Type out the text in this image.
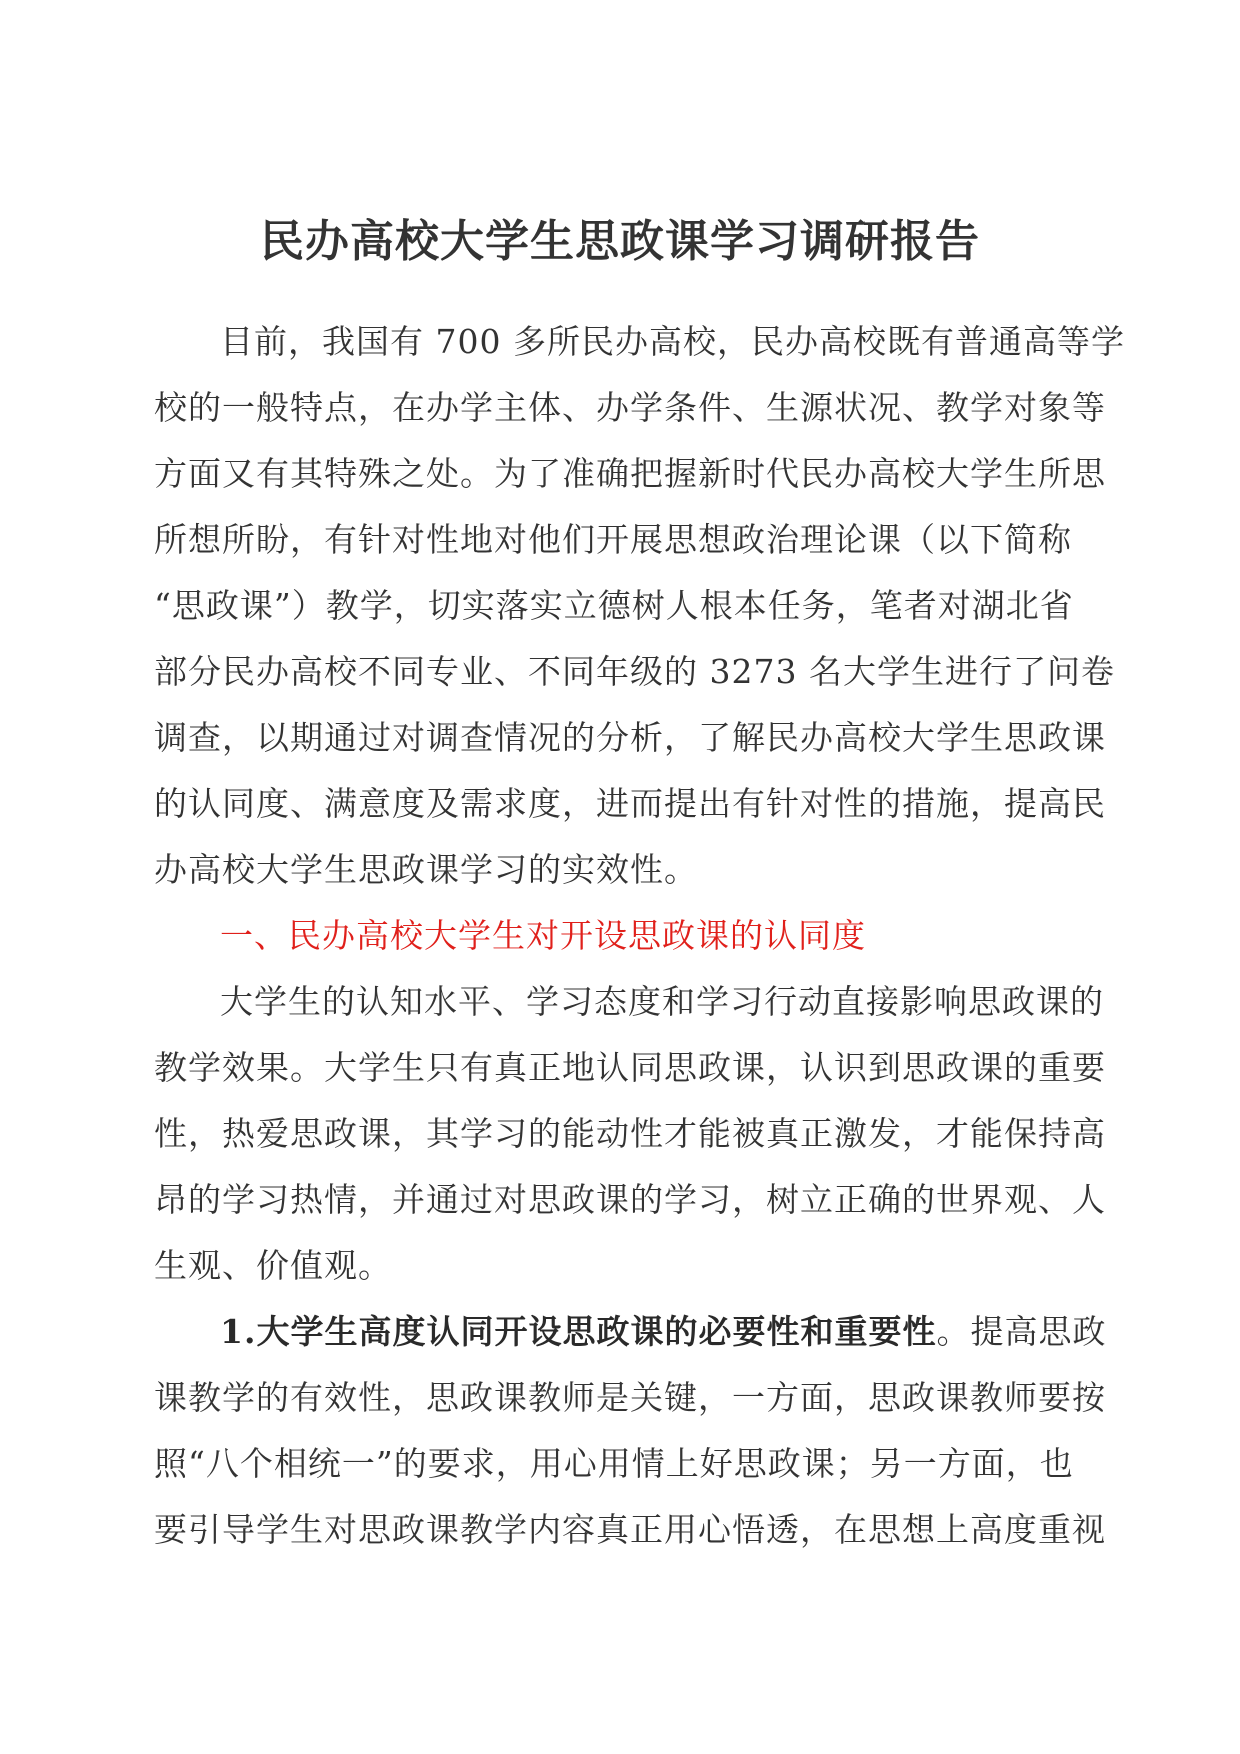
民办高校大学生思政课学习调研报告

目前，我国有 700 多所民办高校，民办高校既有普通高等学

校的一般特点，在办学主体、办学条件、生源状况、教学对象等

方面又有其特殊之处。为了准确把握新时代民办高校大学生所思

所想所盼，有针对性地对他们开展思想政治理论课（以下简称

“思政课”）教学，切实落实立德树人根本任务，笔者对湖北省

部分民办高校不同专业、不同年级的 3273 名大学生进行了问卷

调查，以期通过对调查情况的分析，了解民办高校大学生思政课

的认同度、满意度及需求度，进而提出有针对性的措施，提高民

办高校大学生思政课学习的实效性。

一、民办高校大学生对开设思政课的认同度

大学生的认知水平、学习态度和学习行动直接影响思政课的

教学效果。大学生只有真正地认同思政课，认识到思政课的重要

性，热爱思政课，其学习的能动性才能被真正激发，才能保持高

昂的学习热情，并通过对思政课的学习，树立正确的世界观、人

生观、价值观。

1.大学生高度认同开设思政课的必要性和重要性。提高思政

课教学的有效性，思政课教师是关键，一方面，思政课教师要按

照“八个相统一”的要求，用心用情上好思政课；另一方面，也

要引导学生对思政课教学内容真正用心悟透，在思想上高度重视
